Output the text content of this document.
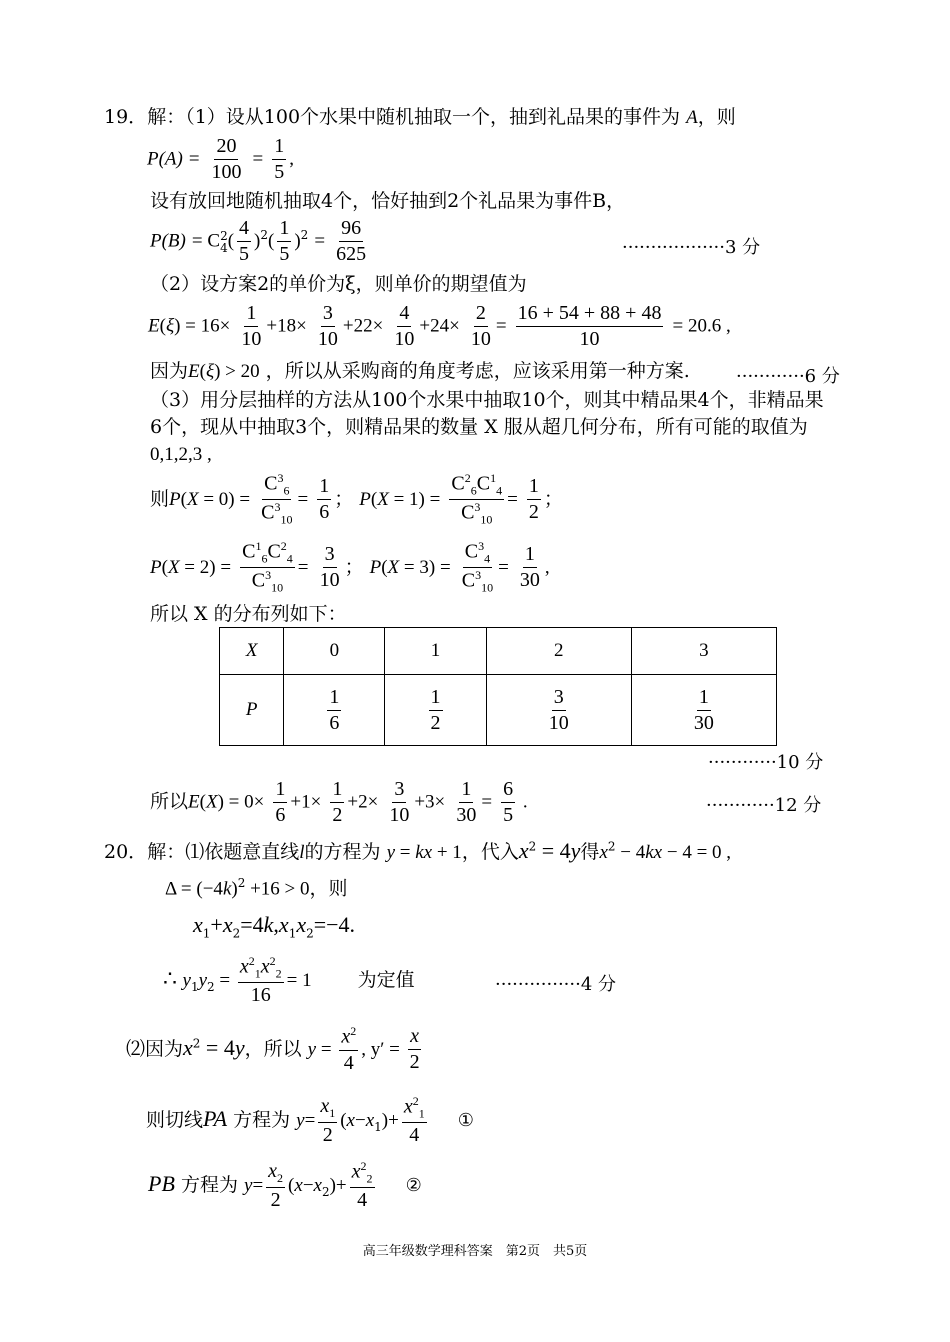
19．解：（1）设从100个水果中随机抽取一个，抽到礼品果的事件为 A，则
$P(A) = \frac{20}{100} = \frac{1}{5}$ ,
设有放回地随机抽取4个，恰好抽到2个礼品果为事件B，
P(B) = C 2
4 ( $\frac{4}{5} )^2( \frac{1}{5} )^2 = \frac{96}{625}$	··················3 分
（2）设方案2的单价为ξ，则单价的期望值为
$E(\xi) = 16\times \frac{1}{10} +18\times \frac{3}{10} +22\times \frac{4}{10} +24\times \frac{2}{10} = \frac{16 + 54 + 88 + 48}{10} = 20.6$ ,
因为E(ξ) > 20 ，所以从采购商的角度考虑，应该采用第一种方案.	············6 分
（3）用分层抽样的方法从100个水果中抽取10个，则其中精品果4个，非精品果
6个，现从中抽取3个，则精品果的数量 X 服从超几何分布，所有可能的取值为
0,1,2,3 ,
则$P(X = 0) = \frac{C^3_6}{C^3_{10}} = \frac{1}{6}$ ； $P(X = 1) = \frac{C^2_6C^1_4}{C^3_{10}} = \frac{1}{2}$ ；
$P(X = 2) = \frac{C^1_6C^2_4}{C^3_{10}} = \frac{3}{10}$ ； $P(X = 3) = \frac{C^3_4}{C^3_{10}} = \frac{1}{30}$ ,
所以 X 的分布列如下：
X	0	1	2	3
P	$\frac{1}{6}$	$\frac{1}{2}$	$\frac{3}{10}$	$\frac{1}{30}$
············10 分
所以$E(X) = 0\times \frac{1}{6} +1\times \frac{1}{2} +2\times \frac{3}{10} +3\times \frac{1}{30} = \frac{6}{5}$ .	············12 分
20．解：⑴依题意直线l的方程为 y = kx + 1，代入$x^2 = 4y$得$x^2 - 4kx - 4 = 0$ ,
$\Delta = (-4k)^2 +16 > 0$，则
$x_1+x_2=4k,x_1x_2=-4$.
∴ $y_1y_2 = \frac{x^2_1x^2_2}{16} = 1$ 为定值	···············4 分
⑵因为$x^2 = 4y$，所以 $y = \frac{x^2}{4}$ , $y' = \frac{x}{2}$
则切线PA 方程为 $y= \frac{x_1}{2} (x-x_1)+ \frac{x^2_1}{4}$ ①
PB 方程为 $y= \frac{x_2}{2} (x-x_2)+ \frac{x^2_2}{4}$ ②
高三年级数学理科答案　第2页　共5页
